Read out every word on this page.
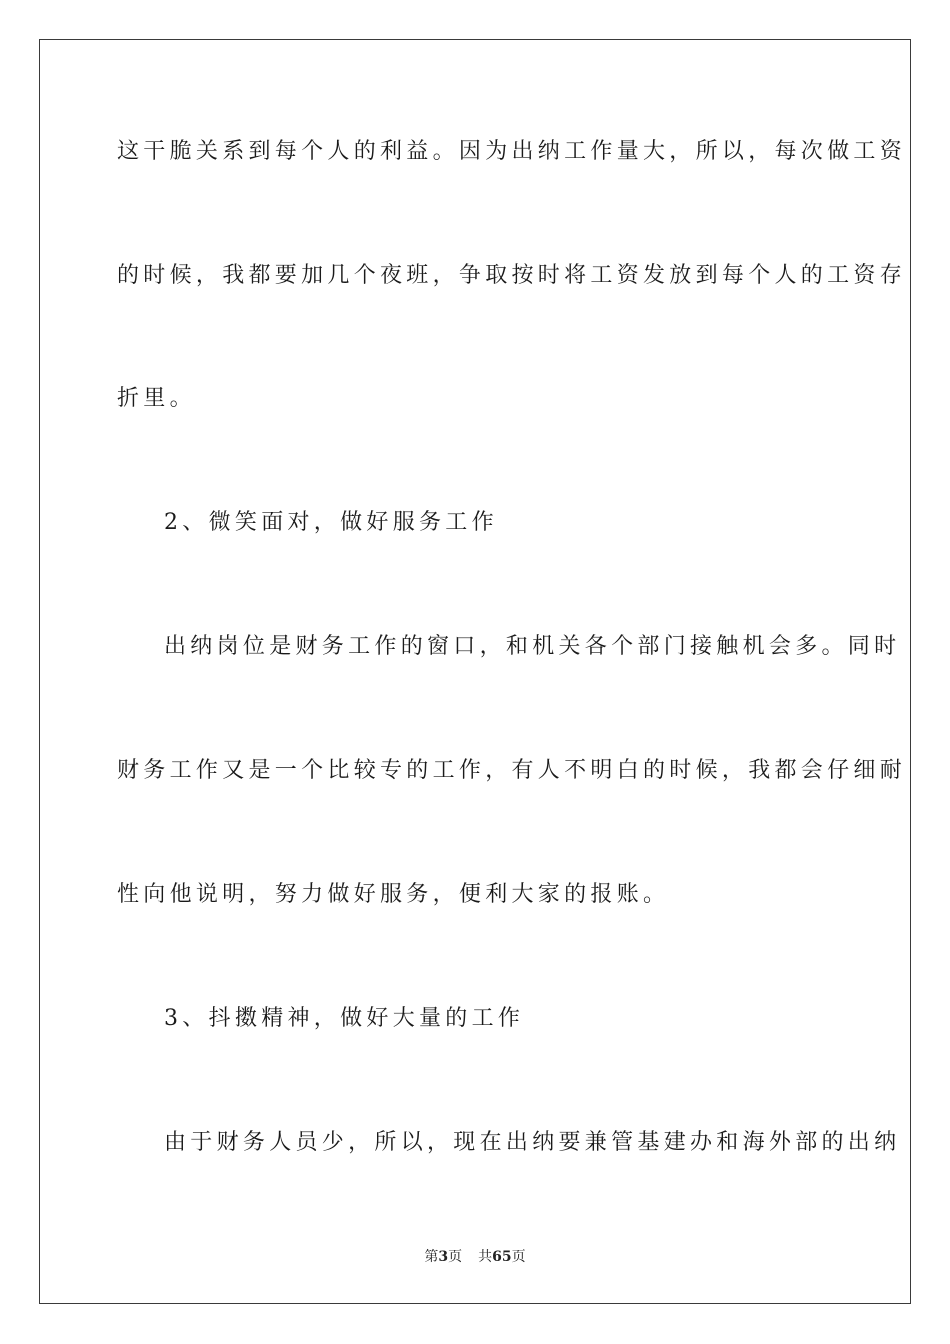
这干脆关系到每个人的利益。因为出纳工作量大，所以，每次做工资
的时候，我都要加几个夜班，争取按时将工资发放到每个人的工资存
折里。
2、微笑面对，做好服务工作
出纳岗位是财务工作的窗口，和机关各个部门接触机会多。同时
财务工作又是一个比较专的工作，有人不明白的时候，我都会仔细耐
性向他说明，努力做好服务，便利大家的报账。
3、抖擞精神，做好大量的工作
由于财务人员少，所以，现在出纳要兼管基建办和海外部的出纳
第3页 共65页
